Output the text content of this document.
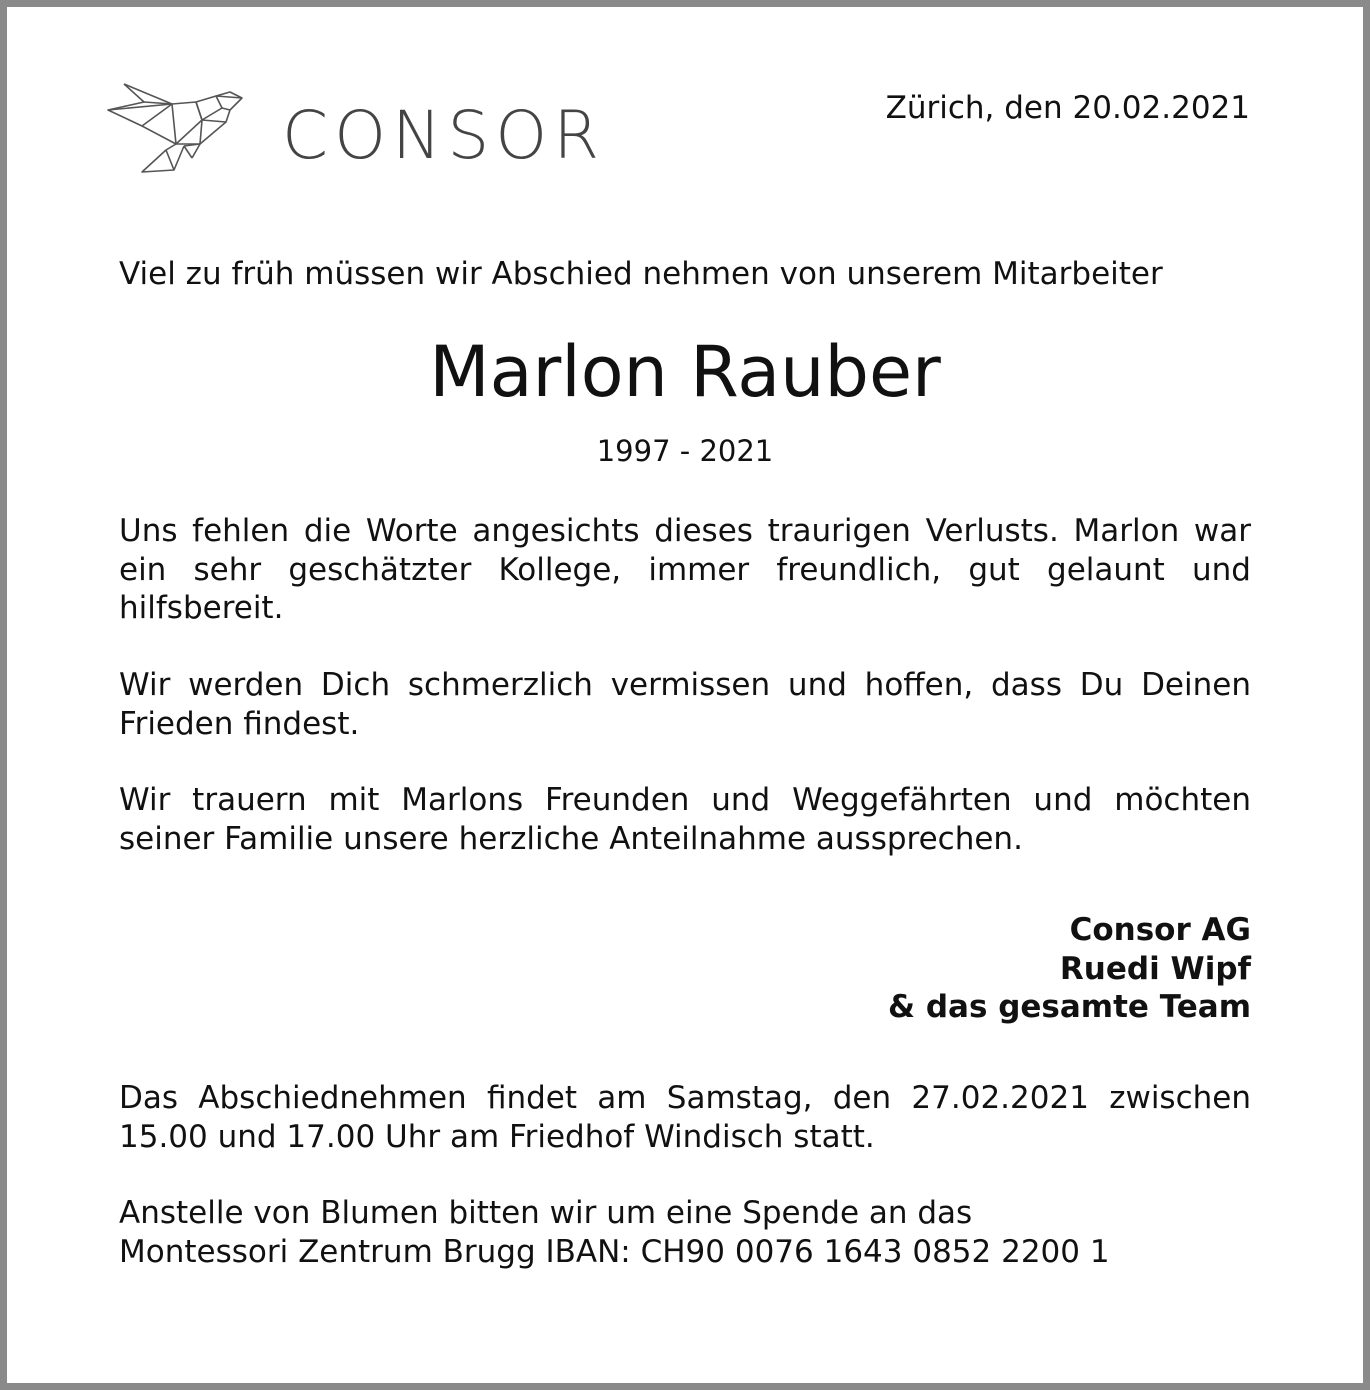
CONSOR	Zürich, den 20.02.2021
Viel zu früh müssen wir Abschied nehmen von unserem Mitarbeiter
Marlon Rauber
1997 - 2021

Uns fehlen die Worte angesichts dieses traurigen Verlusts. Marlon war ein sehr geschätzter Kollege, immer freundlich, gut gelaunt und hilfsbereit.

Wir werden Dich schmerzlich vermissen und hoffen, dass Du Deinen Frieden findest.

Wir trauern mit Marlons Freunden und Weggefährten und möchten seiner Familie unsere herzliche Anteilnahme aussprechen.

Consor AG
Ruedi Wipf
& das gesamte Team

Das Abschiednehmen findet am Samstag, den 27.02.2021 zwischen 15.00 und 17.00 Uhr am Friedhof Windisch statt.

Anstelle von Blumen bitten wir um eine Spende an das
Montessori Zentrum Brugg IBAN: CH90 0076 1643 0852 2200 1
